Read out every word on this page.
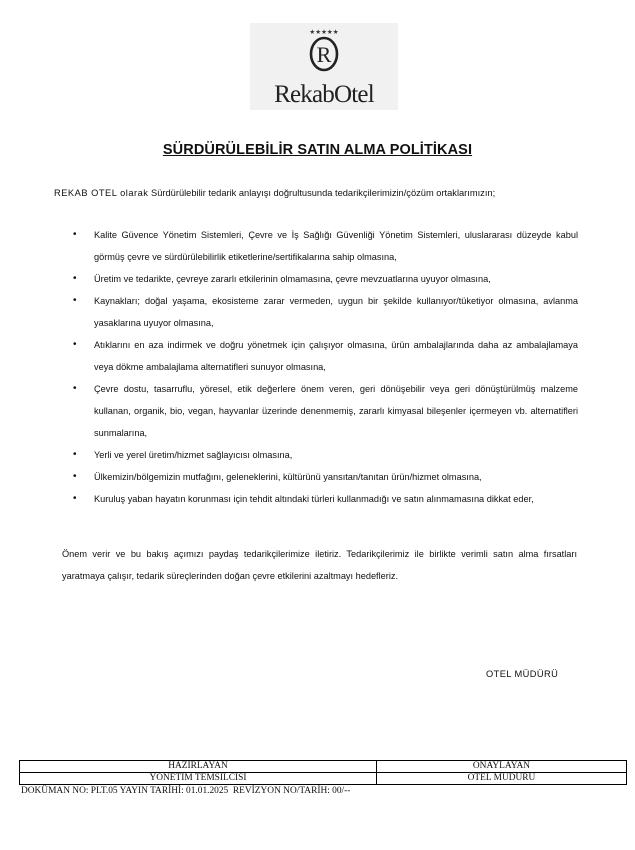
★★★★★
R
RekabOtel
SÜRDÜRÜLEBİLİR SATIN ALMA POLİTİKASI
REKAB OTEL olarak Sürdürülebilir tedarik anlayışı doğrultusunda tedarikçilerimizin/çözüm ortaklarımızın;
• Kalite Güvence Yönetim Sistemleri, Çevre ve İş Sağlığı Güvenliği Yönetim Sistemleri, uluslararası düzeyde kabul görmüş çevre ve sürdürülebilirlik etiketlerine/sertifikalarına sahip olmasına,
• Üretim ve tedarikte, çevreye zararlı etkilerinin olmamasına, çevre mevzuatlarına uyuyor olmasına,
• Kaynakları; doğal yaşama, ekosisteme zarar vermeden, uygun bir şekilde kullanıyor/tüketiyor olmasına, avlanma yasaklarına uyuyor olmasına,
• Atıklarını en aza indirmek ve doğru yönetmek için çalışıyor olmasına, ürün ambalajlarında daha az ambalajlamaya veya dökme ambalajlama alternatifleri sunuyor olmasına,
• Çevre dostu, tasarruflu, yöresel, etik değerlere önem veren, geri dönüşebilir veya geri dönüştürülmüş malzeme kullanan, organik, bio, vegan, hayvanlar üzerinde denenmemiş, zararlı kimyasal bileşenler içermeyen vb. alternatifleri sunmalarına,
• Yerli ve yerel üretim/hizmet sağlayıcısı olmasına,
• Ülkemizin/bölgemizin mutfağını, geleneklerini, kültürünü yansıtan/tanıtan ürün/hizmet olmasına,
• Kuruluş yaban hayatın korunması için tehdit altındaki türleri kullanmadığı ve satın alınmamasına dikkat eder,
Önem verir ve bu bakış açımızı paydaş tedarikçilerimize iletiriz. Tedarikçilerimiz ile birlikte verimli satın alma fırsatları yaratmaya çalışır, tedarik süreçlerinden doğan çevre etkilerini azaltmayı hedefleriz.
OTEL MÜDÜRÜ
HAZIRLAYAN	ONAYLAYAN
YÖNETİM TEMSİLCİSİ	OTEL MÜDÜRÜ
DOKÜMAN NO: PLT.05 YAYIN TARİHİ: 01.01.2025  REVİZYON NO/TARİH: 00/--
